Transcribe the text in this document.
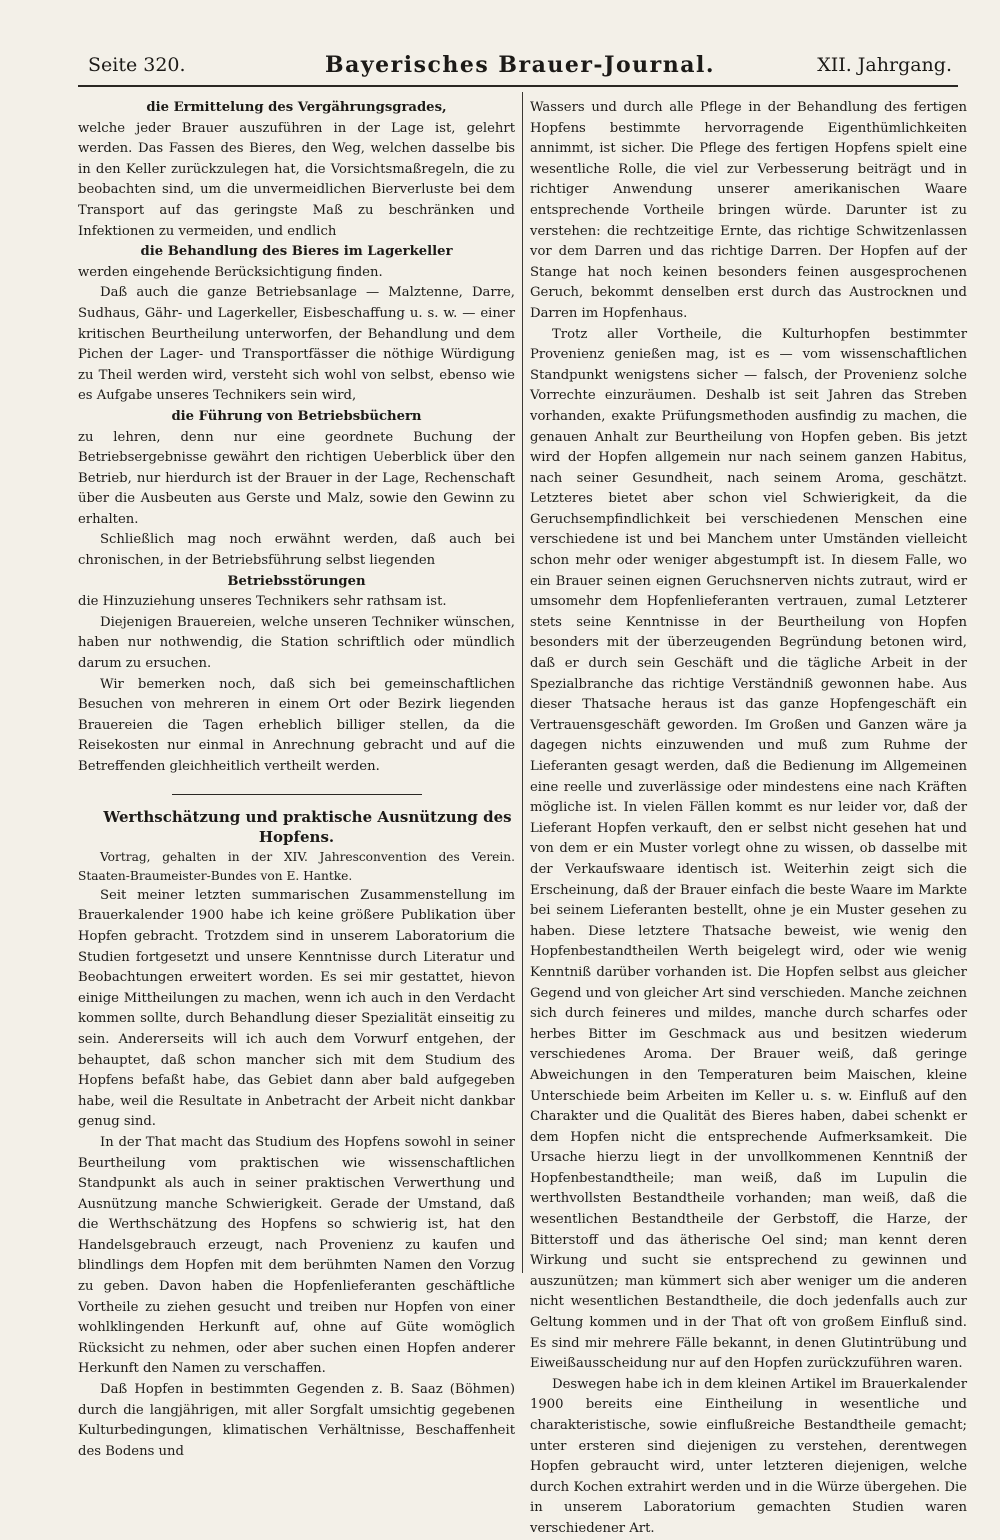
Seite 320.	Bayerisches Brauer-Journal.	XII. Jahrgang.

die Ermittelung des Vergährungsgrades,

welche jeder Brauer auszuführen in der Lage ist, gelehrt werden. Das Fassen des Bieres, den Weg, welchen dasselbe bis in den Keller zurückzulegen hat, die Vorsichtsmaßregeln, die zu beobachten sind, um die unvermeidlichen Bierverluste bei dem Transport auf das geringste Maß zu beschränken und Infektionen zu vermeiden, und endlich

die Behandlung des Bieres im Lagerkeller

werden eingehende Berücksichtigung finden.

Daß auch die ganze Betriebsanlage — Malztenne, Darre, Sudhaus, Gähr- und Lagerkeller, Eisbeschaffung u. s. w. — einer kritischen Beurtheilung unterworfen, der Behandlung und dem Pichen der Lager- und Transportfässer die nöthige Würdigung zu Theil werden wird, versteht sich wohl von selbst, ebenso wie es Aufgabe unseres Technikers sein wird,

die Führung von Betriebsbüchern

zu lehren, denn nur eine geordnete Buchung der Betriebsergebnisse gewährt den richtigen Ueberblick über den Betrieb, nur hierdurch ist der Brauer in der Lage, Rechenschaft über die Ausbeuten aus Gerste und Malz, sowie den Gewinn zu erhalten.

Schließlich mag noch erwähnt werden, daß auch bei chronischen, in der Betriebsführung selbst liegenden

Betriebsstörungen

die Hinzuziehung unseres Technikers sehr rathsam ist.

Diejenigen Brauereien, welche unseren Techniker wünschen, haben nur nothwendig, die Station schriftlich oder mündlich darum zu ersuchen.

Wir bemerken noch, daß sich bei gemeinschaftlichen Besuchen von mehreren in einem Ort oder Bezirk liegenden Brauereien die Tagen erheblich billiger stellen, da die Reisekosten nur einmal in Anrechnung gebracht und auf die Betreffenden gleichheitlich vertheilt werden.

Werthschätzung und praktische Ausnützung des Hopfens.

Vortrag, gehalten in der XIV. Jahresconvention des Verein. Staaten-Braumeister-Bundes von E. Hantke.

Seit meiner letzten summarischen Zusammenstellung im Brauerkalender 1900 habe ich keine größere Publikation über Hopfen gebracht. Trotzdem sind in unserem Laboratorium die Studien fortgesetzt und unsere Kenntnisse durch Literatur und Beobachtungen erweitert worden. Es sei mir gestattet, hievon einige Mittheilungen zu machen, wenn ich auch in den Verdacht kommen sollte, durch Behandlung dieser Spezialität einseitig zu sein. Andererseits will ich auch dem Vorwurf entgehen, der behauptet, daß schon mancher sich mit dem Studium des Hopfens befaßt habe, das Gebiet dann aber bald aufgegeben habe, weil die Resultate in Anbetracht der Arbeit nicht dankbar genug sind.

In der That macht das Studium des Hopfens sowohl in seiner Beurtheilung vom praktischen wie wissenschaftlichen Standpunkt als auch in seiner praktischen Verwerthung und Ausnützung manche Schwierigkeit. Gerade der Umstand, daß die Werthschätzung des Hopfens so schwierig ist, hat den Handelsgebrauch erzeugt, nach Provenienz zu kaufen und blindlings dem Hopfen mit dem berühmten Namen den Vorzug zu geben. Davon haben die Hopfenlieferanten geschäftliche Vortheile zu ziehen gesucht und treiben nur Hopfen von einer wohlklingenden Herkunft auf, ohne auf Güte womöglich Rücksicht zu nehmen, oder aber suchen einen Hopfen anderer Herkunft den Namen zu verschaffen.

Daß Hopfen in bestimmten Gegenden z. B. Saaz (Böhmen) durch die langjährigen, mit aller Sorgfalt umsichtig gegebenen Kulturbedingungen, klimatischen Verhältnisse, Beschaffenheit des Bodens und

Wassers und durch alle Pflege in der Behandlung des fertigen Hopfens bestimmte hervorragende Eigenthümlichkeiten annimmt, ist sicher. Die Pflege des fertigen Hopfens spielt eine wesentliche Rolle, die viel zur Verbesserung beiträgt und in richtiger Anwendung unserer amerikanischen Waare entsprechende Vortheile bringen würde. Darunter ist zu verstehen: die rechtzeitige Ernte, das richtige Schwitzenlassen vor dem Darren und das richtige Darren. Der Hopfen auf der Stange hat noch keinen besonders feinen ausgesprochenen Geruch, bekommt denselben erst durch das Austrocknen und Darren im Hopfenhaus.

Trotz aller Vortheile, die Kulturhopfen bestimmter Provenienz genießen mag, ist es — vom wissenschaftlichen Standpunkt wenigstens sicher — falsch, der Provenienz solche Vorrechte einzuräumen. Deshalb ist seit Jahren das Streben vorhanden, exakte Prüfungsmethoden ausfindig zu machen, die genauen Anhalt zur Beurtheilung von Hopfen geben. Bis jetzt wird der Hopfen allgemein nur nach seinem ganzen Habitus, nach seiner Gesundheit, nach seinem Aroma, geschätzt. Letzteres bietet aber schon viel Schwierigkeit, da die Geruchsempfindlichkeit bei verschiedenen Menschen eine verschiedene ist und bei Manchem unter Umständen vielleicht schon mehr oder weniger abgestumpft ist. In diesem Falle, wo ein Brauer seinen eignen Geruchsnerven nichts zutraut, wird er umsomehr dem Hopfenlieferanten vertrauen, zumal Letzterer stets seine Kenntnisse in der Beurtheilung von Hopfen besonders mit der überzeugenden Begründung betonen wird, daß er durch sein Geschäft und die tägliche Arbeit in der Spezialbranche das richtige Verständniß gewonnen habe. Aus dieser Thatsache heraus ist das ganze Hopfengeschäft ein Vertrauensgeschäft geworden. Im Großen und Ganzen wäre ja dagegen nichts einzuwenden und muß zum Ruhme der Lieferanten gesagt werden, daß die Bedienung im Allgemeinen eine reelle und zuverlässige oder mindestens eine nach Kräften mögliche ist. In vielen Fällen kommt es nur leider vor, daß der Lieferant Hopfen verkauft, den er selbst nicht gesehen hat und von dem er ein Muster vorlegt ohne zu wissen, ob dasselbe mit der Verkaufswaare identisch ist. Weiterhin zeigt sich die Erscheinung, daß der Brauer einfach die beste Waare im Markte bei seinem Lieferanten bestellt, ohne je ein Muster gesehen zu haben. Diese letztere Thatsache beweist, wie wenig den Hopfenbestandtheilen Werth beigelegt wird, oder wie wenig Kenntniß darüber vorhanden ist. Die Hopfen selbst aus gleicher Gegend und von gleicher Art sind verschieden. Manche zeichnen sich durch feineres und mildes, manche durch scharfes oder herbes Bitter im Geschmack aus und besitzen wiederum verschiedenes Aroma. Der Brauer weiß, daß geringe Abweichungen in den Temperaturen beim Maischen, kleine Unterschiede beim Arbeiten im Keller u. s. w. Einfluß auf den Charakter und die Qualität des Bieres haben, dabei schenkt er dem Hopfen nicht die entsprechende Aufmerksamkeit. Die Ursache hierzu liegt in der unvollkommenen Kenntniß der Hopfenbestandtheile; man weiß, daß im Lupulin die werthvollsten Bestandtheile vorhanden; man weiß, daß die wesentlichen Bestandtheile der Gerbstoff, die Harze, der Bitterstoff und das ätherische Oel sind; man kennt deren Wirkung und sucht sie entsprechend zu gewinnen und auszunützen; man kümmert sich aber weniger um die anderen nicht wesentlichen Bestandtheile, die doch jedenfalls auch zur Geltung kommen und in der That oft von großem Einfluß sind. Es sind mir mehrere Fälle bekannt, in denen Glutintrübung und Eiweißausscheidung nur auf den Hopfen zurückzuführen waren.

Deswegen habe ich in dem kleinen Artikel im Brauerkalender 1900 bereits eine Eintheilung in wesentliche und charakteristische, sowie einflußreiche Bestandtheile gemacht; unter ersteren sind diejenigen zu verstehen, derentwegen Hopfen gebraucht wird, unter letzteren diejenigen, welche durch Kochen extrahirt werden und in die Würze übergehen. Die in unserem Laboratorium gemachten Studien waren verschiedener Art.
